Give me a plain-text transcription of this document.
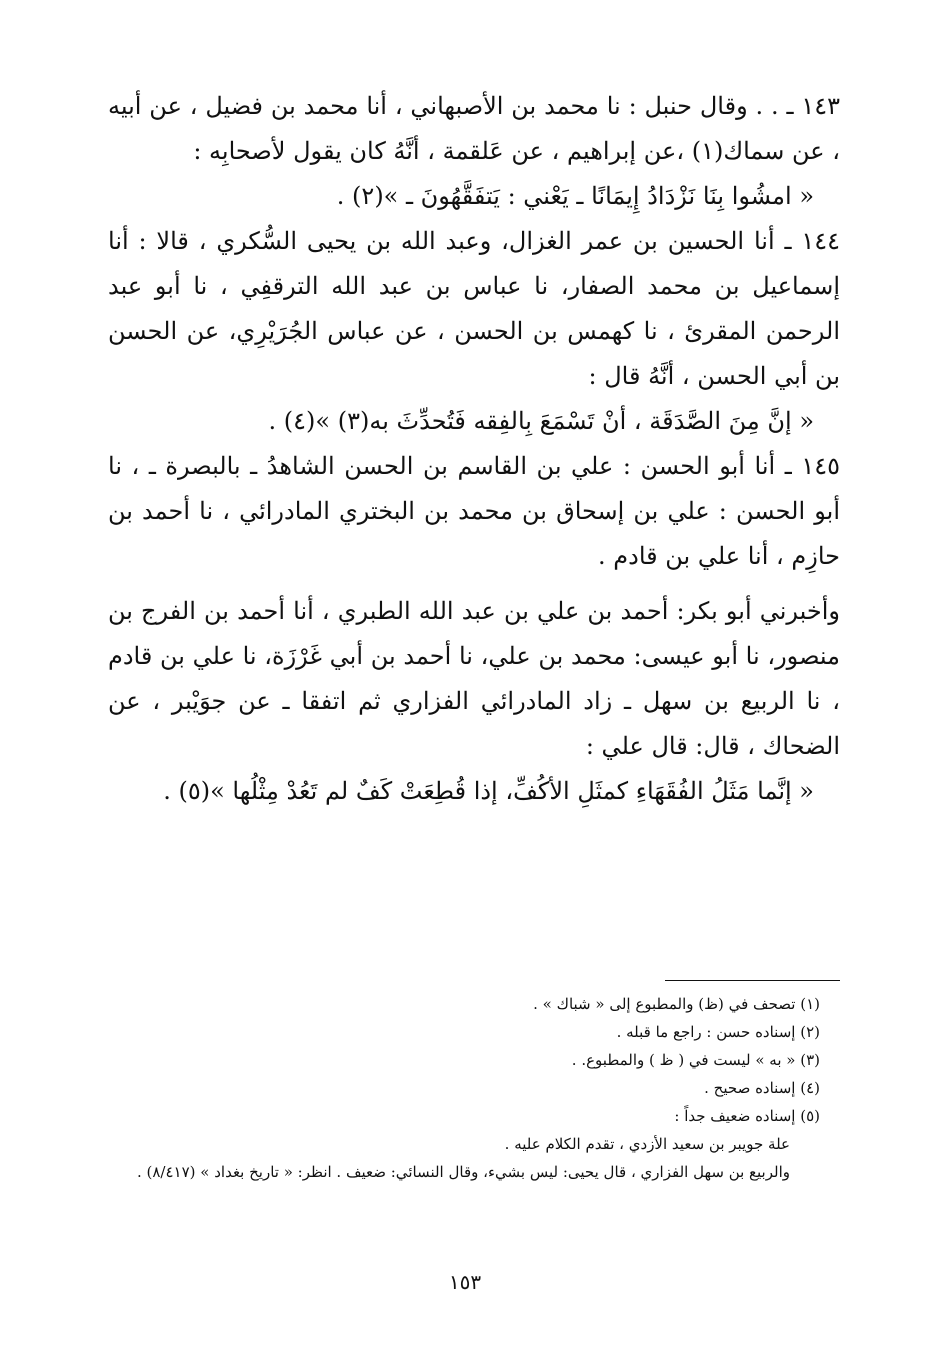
١٤٣ ـ . . وقال حنبل : نا محمد بن الأصبهاني ، أنا محمد بن فضيل ، عن أبيه ، عن سماك(١) ،عن إبراهيم ، عن عَلقمة ، أنَّهُ كان يقول لأصحابِه :

« امشُوا بِنَا نَزْدَادُ إِيمَانًا ـ يَعْني : يَتفَقَّهُونَ ـ »(٢) .

١٤٤ ـ أنا الحسين بن عمر الغزال، وعبد الله بن يحيى السُّكري ، قالا : أنا إسماعيل بن محمد الصفار، نا عباس بن عبد الله الترقفِي ، نا أبو عبد الرحمن المقرئ ، نا كهمس بن الحسن ، عن عباس الجُرَيْرِي، عن الحسن بن أبي الحسن ، أنَّهُ قال :

« إنَّ مِنَ الصَّدَقَة ، أنْ تَسْمَعَ بِالفِقه فَتُحدِّثَ به(٣) »(٤) .

١٤٥ ـ أنا أبو الحسن : علي بن القاسم بن الحسن الشاهدُ ـ بالبصرة ـ ، نا أبو الحسن : علي بن إسحاق بن محمد بن البختري المادرائي ، نا أحمد بن حازِم ، أنا علي بن قادم .

وأخبرني أبو بكر: أحمد بن علي بن عبد الله الطبري ، أنا أحمد بن الفرج بن منصور، نا أبو عيسى: محمد بن علي، نا أحمد بن أبي غَرْزَة، نا علي بن قادم ، نا الربيع بن سهل ـ زاد المادرائي الفزاري ثم اتفقا ـ عن جوَيْبر ، عن الضحاك ، قال: قال علي :

« إنَّما مَثَلُ الفُقَهَاءِ كمثَلِ الأكُفِّ، إذا قُطِعَتْ كَفٌ لم تَعُدْ مِثْلُها »(٥) .

(١) تصحف في (ظ) والمطبوع إلى « شباك » .

(٢) إسناده حسن : راجع ما قبله .

(٣) « به » ليست في ( ظ ) والمطبوع. .

(٤) إسناده صحيح .

(٥) إسناده ضعيف جداً :

علة جويبر بن سعيد الأزدي ، تقدم الكلام عليه .

والربيع بن سهل الفزاري ، قال يحيى: ليس بشيء، وقال النسائي: ضعيف . انظر: « تاريخ بغداد » (٨/٤١٧) .

١٥٣
